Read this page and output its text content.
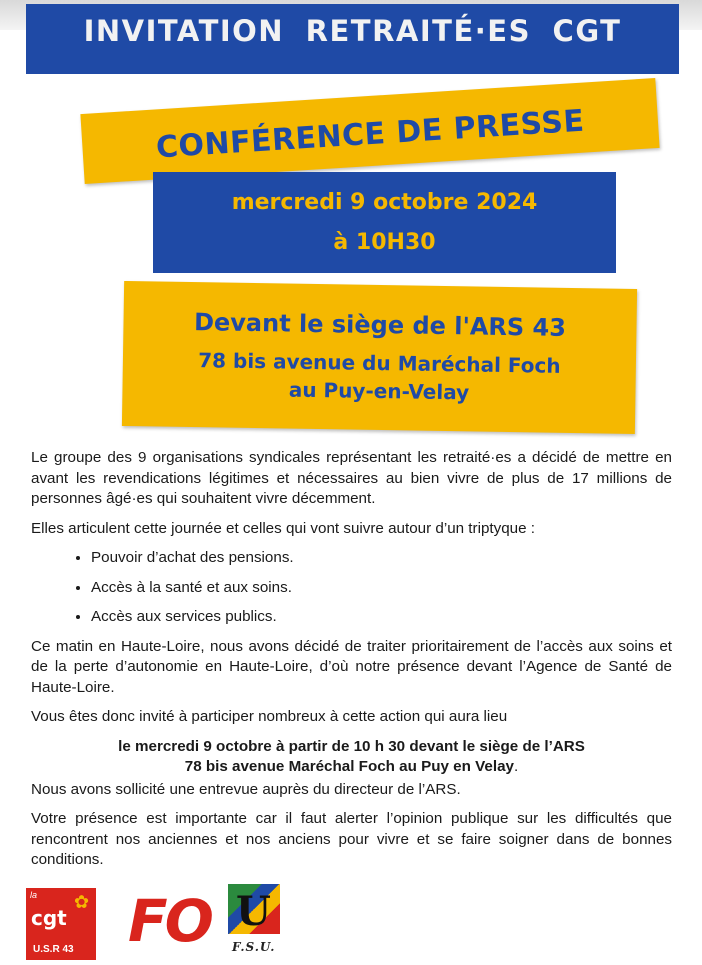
INVITATION RETRAITÉ·ES CGT
CONFÉRENCE DE PRESSE
mercredi 9 octobre 2024
à 10H30
Devant le siège de l'ARS 43
78 bis avenue du Maréchal Foch
au Puy-en-Velay

Le groupe des 9 organisations syndicales représentant les retraité·es a décidé de mettre en avant les revendications légitimes et nécessaires au bien vivre de plus de 17 millions de personnes âgé·es qui souhaitent vivre décemment.

Elles articulent cette journée et celles qui vont suivre autour d’un triptyque :

• Pouvoir d’achat des pensions.
• Accès à la santé et aux soins.
• Accès aux services publics.

Ce matin en Haute-Loire, nous avons décidé de traiter prioritairement de l’accès aux soins et de la perte d’autonomie en Haute-Loire, d’où notre présence devant l’Agence de Santé de Haute-Loire.

Vous êtes donc invité à participer nombreux à cette action qui aura lieu

le mercredi 9 octobre à partir de 10 h 30 devant le siège de l’ARS

78 bis avenue Maréchal Foch au Puy en Velay.

Nous avons sollicité une entrevue auprès du directeur de l’ARS.

Votre présence est importante car il faut alerter l’opinion publique sur les difficultés que rencontrent nos anciennes et nos anciens pour vivre et se faire soigner dans de bonnes conditions.

la ✿
cgt
U.S.R 43 FO U
F.S.U.
